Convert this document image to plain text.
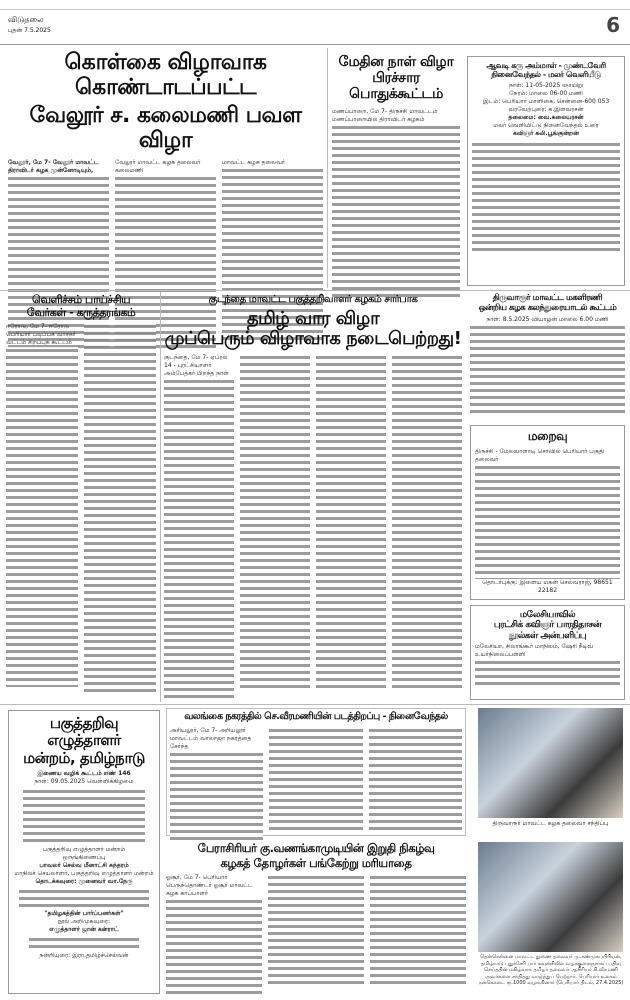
விடுதலை
புதன் 7.5.2025	6
கொள்கை விழாவாக கொண்டாடப்பட்ட
வேலூர் ச. கலைமணி பவள விழா
வேலூர், மே 7- வேலூர் மாவட்ட திராவிடர் கழக முன்னோடியும்,
வேலூர் மாவட்ட கழக தலைவர் கலைமணி
மாவட்ட கழக தலைவர்
மேதின நாள் விழா
பிரச்சார பொதுக்கூட்டம்
மணப்பாறை, மே 7- திருச்சி மாவட்டம் மணப்பாறையில் திராவிடர் கழகம்
ஆவடி கரு அம்மாள் - முண்டவேரி
நினைவேந்தல் - மலர் வெளியீடு
நாள்: 11-05-2025 ஞாயிறு
நேரம்: மாலை 06-00 மணி
இடம்: பெரியார் மாளிகை, சென்னை-600 053
வரவேற்புரை: க.இளவரசன்
தலைமை: வை.கலையரசன்
மலர் வெளியிட்டு நினைவேந்தல் உரை
கவிஞர் கலி.பூங்குன்றன்
வெளிச்சம் பாய்ச்சிய
வேர்கள் - கருத்தரங்கம்
ஈரோடு, மே 7- ஈரோடு பெரியார் படிப்பக வாசகர் வட்டம் சிறப்புக் கூட்டம்
குடந்தை மாவட்ட பகுத்தறிவாளர் கழகம் சார்பாக
தமிழ் வார விழா
முப்பெரும் விழாவாக நடைபெற்றது!
குடந்தை, மே 7- ஏப்ரல் 14 - புரட்சியாளர் அம்பேத்கர் பிறந்த நாள்
திருவாரூர் மாவட்ட மகளிரணி
ஒன்றிய கழக கலந்துரையாடல் கூட்டம்
நாள்: 8.5.2025 வியாழன் மாலை 6.00 மணி
மறைவு
திருச்சி - மேலவாளாடி சொவில் பெரியார் பகுதி தலைவர்
தொடர்புக்கு: இளைய மகன் செல்வராஜ், 98651 22182
மலேசியாவில்
புரட்சிக் கவிஞர் பாரதிதாசன்
நூல்கள் அன்பளிப்பு
மலேசியா, சிலாங்கூர் மாநிலம், ஷேரி நீடிவ் உயர்நிலைப்பள்ளி
பகுத்தறிவு எழுத்தாளர்
மன்றம், தமிழ்நாடு
இணைய வழிக் கூட்டம் எண் 146
நாள்: 09.05.2025 வெள்ளிக்கிழமை
பகுத்தறிவு எழுத்தாளர் மன்றம்
ஒருங்கிணைப்பு
பாவலர் செல்வ மீனாட்சி சுந்தரம்
மாநிலச் செயலாளர், பகுத்தறிவு எழுத்தாளர் மன்றம்
தொடக்கவுரை: முனைவர் வா.நேரு
"தமிழகத்தின் பார்ப்பனர்கள்"
நூல் அறிமுகவுரை:
எழுத்தாளர் ஜான் கன்ராட்
நன்றியுரை: இரா.தமிழ்ச்செல்வன்
வலங்கை நகரத்தில் செ.வீரமணியின் படத்திறப்பு - நினைவேந்தல்
அரியலூர், மே 7- அரியலூர் மாவட்டம் வாலாஜா நகரத்தை சேர்ந்த
பேராசிரியர் கு.வணங்காமுடியின் இறுதி நிகழ்வு
கழகத் தோழர்கள் பங்கேற்று மரியாதை
ஓசூர், மே 7- பெரியார் பெருந்தொண்டர் ஓசூர் மாவட்ட கழக காப்பாளர்
திருவாரூர் மாவட்ட கழக தலைவர் சந்திப்பு
தென்சென்னை மாவட்ட துணை தலைவர் மு.சண்முகப்பிரியன், தமிழ்நாடு புதுச்சேரி பார் கவுன்சிலில் வழக்குரைஞராகப் பதிவு செய்ததின் மகிழ்வாக தமிழர் தலைவர் ஆசிரியர் கி.வீரமணி அவர்களை சந்தித்து வாழ்த்துப் பெற்றார். பெரியார் உலகம் நன்கொடை ரூ.1000 வழங்கினார் (பெரியார் திடல், 27.4.2025)
